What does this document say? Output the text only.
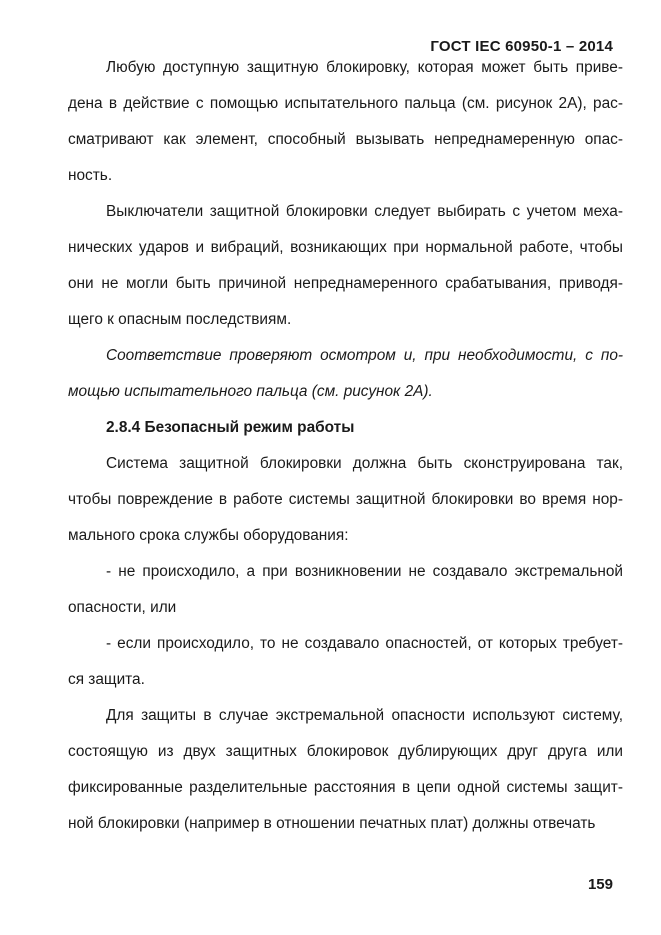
ГОСТ IEC 60950-1 – 2014
Любую доступную защитную блокировку, которая может быть приве-
дена в действие с помощью испытательного пальца (см. рисунок 2А), рас-
сматривают как элемент, способный вызывать непреднамеренную опас-
ность.
Выключатели защитной блокировки следует выбирать с учетом меха-
нических ударов и вибраций, возникающих при нормальной работе, чтобы
они не могли быть причиной непреднамеренного срабатывания, приводя-
щего к опасным последствиям.
Соответствие проверяют осмотром и, при необходимости, с по-
мощью испытательного пальца (см. рисунок 2А).
2.8.4 Безопасный режим работы
Система защитной блокировки должна быть сконструирована так,
чтобы повреждение в работе системы защитной блокировки во время нор-
мального срока службы оборудования:
- не происходило, а при возникновении не создавало экстремальной
опасности, или
- если происходило, то не создавало опасностей, от которых требует-
ся защита.
Для защиты в случае экстремальной опасности используют систему,
состоящую из двух защитных блокировок дублирующих друг друга или
фиксированные разделительные расстояния в цепи одной системы защит-
ной блокировки (например в отношении печатных плат) должны отвечать
159
